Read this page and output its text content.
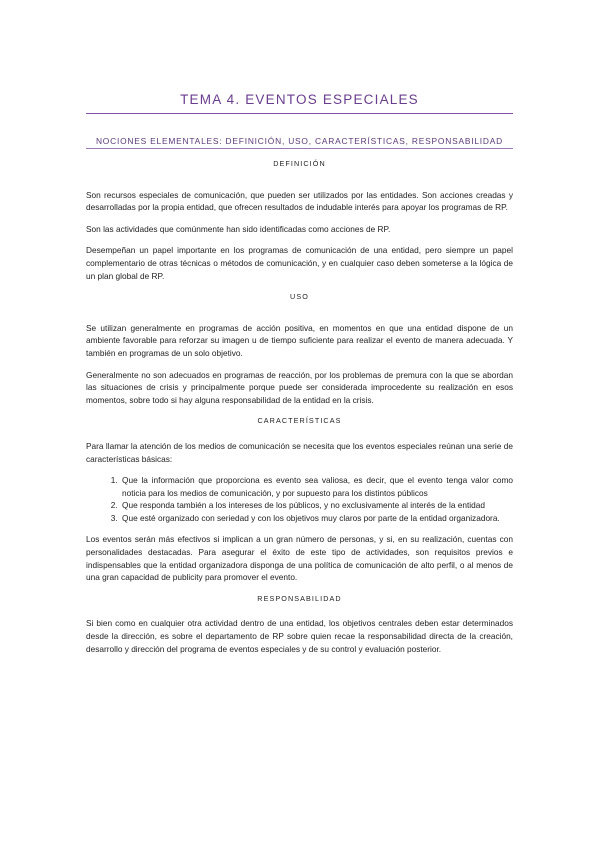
TEMA 4. EVENTOS ESPECIALES
NOCIONES ELEMENTALES: DEFINICIÓN, USO, CARACTERÍSTICAS, RESPONSABILIDAD
DEFINICIÓN

Son recursos especiales de comunicación, que pueden ser utilizados por las entidades. Son acciones creadas y desarrolladas por la propia entidad, que ofrecen resultados de indudable interés para apoyar los programas de RP.

Son las actividades que comúnmente han sido identificadas como acciones de RP.

Desempeñan un papel importante en los programas de comunicación de una entidad, pero siempre un papel complementario de otras técnicas o métodos de comunicación, y en cualquier caso deben someterse a la lógica de un plan global de RP.

USO

Se utilizan generalmente en programas de acción positiva, en momentos en que una entidad dispone de un ambiente favorable para reforzar su imagen u de tiempo suficiente para realizar el evento de manera adecuada. Y también en programas de un solo objetivo.

Generalmente no son adecuados en programas de reacción, por los problemas de premura con la que se abordan las situaciones de crisis y principalmente porque puede ser considerada improcedente su realización en esos momentos, sobre todo si hay alguna responsabilidad de la entidad en la crisis.

CARACTERÍSTICAS

Para llamar la atención de los medios de comunicación se necesita que los eventos especiales reúnan una serie de características básicas:

1. Que la información que proporciona es evento sea valiosa, es decir, que el evento tenga valor como noticia para los medios de comunicación, y por supuesto para los distintos públicos
2. Que responda también a los intereses de los públicos, y no exclusivamente al interés de la entidad
3. Que esté organizado con seriedad y con los objetivos muy claros por parte de la entidad organizadora.

Los eventos serán más efectivos si implican a un gran número de personas, y si, en su realización, cuentas con personalidades destacadas. Para asegurar el éxito de este tipo de actividades, son requisitos previos e indispensables que la entidad organizadora disponga de una política de comunicación de alto perfil, o al menos de una gran capacidad de publicity para promover el evento.

RESPONSABILIDAD

Si bien como en cualquier otra actividad dentro de una entidad, los objetivos centrales deben estar determinados desde la dirección, es sobre el departamento de RP sobre quien recae la responsabilidad directa de la creación, desarrollo y dirección del programa de eventos especiales y de su control y evaluación posterior.
